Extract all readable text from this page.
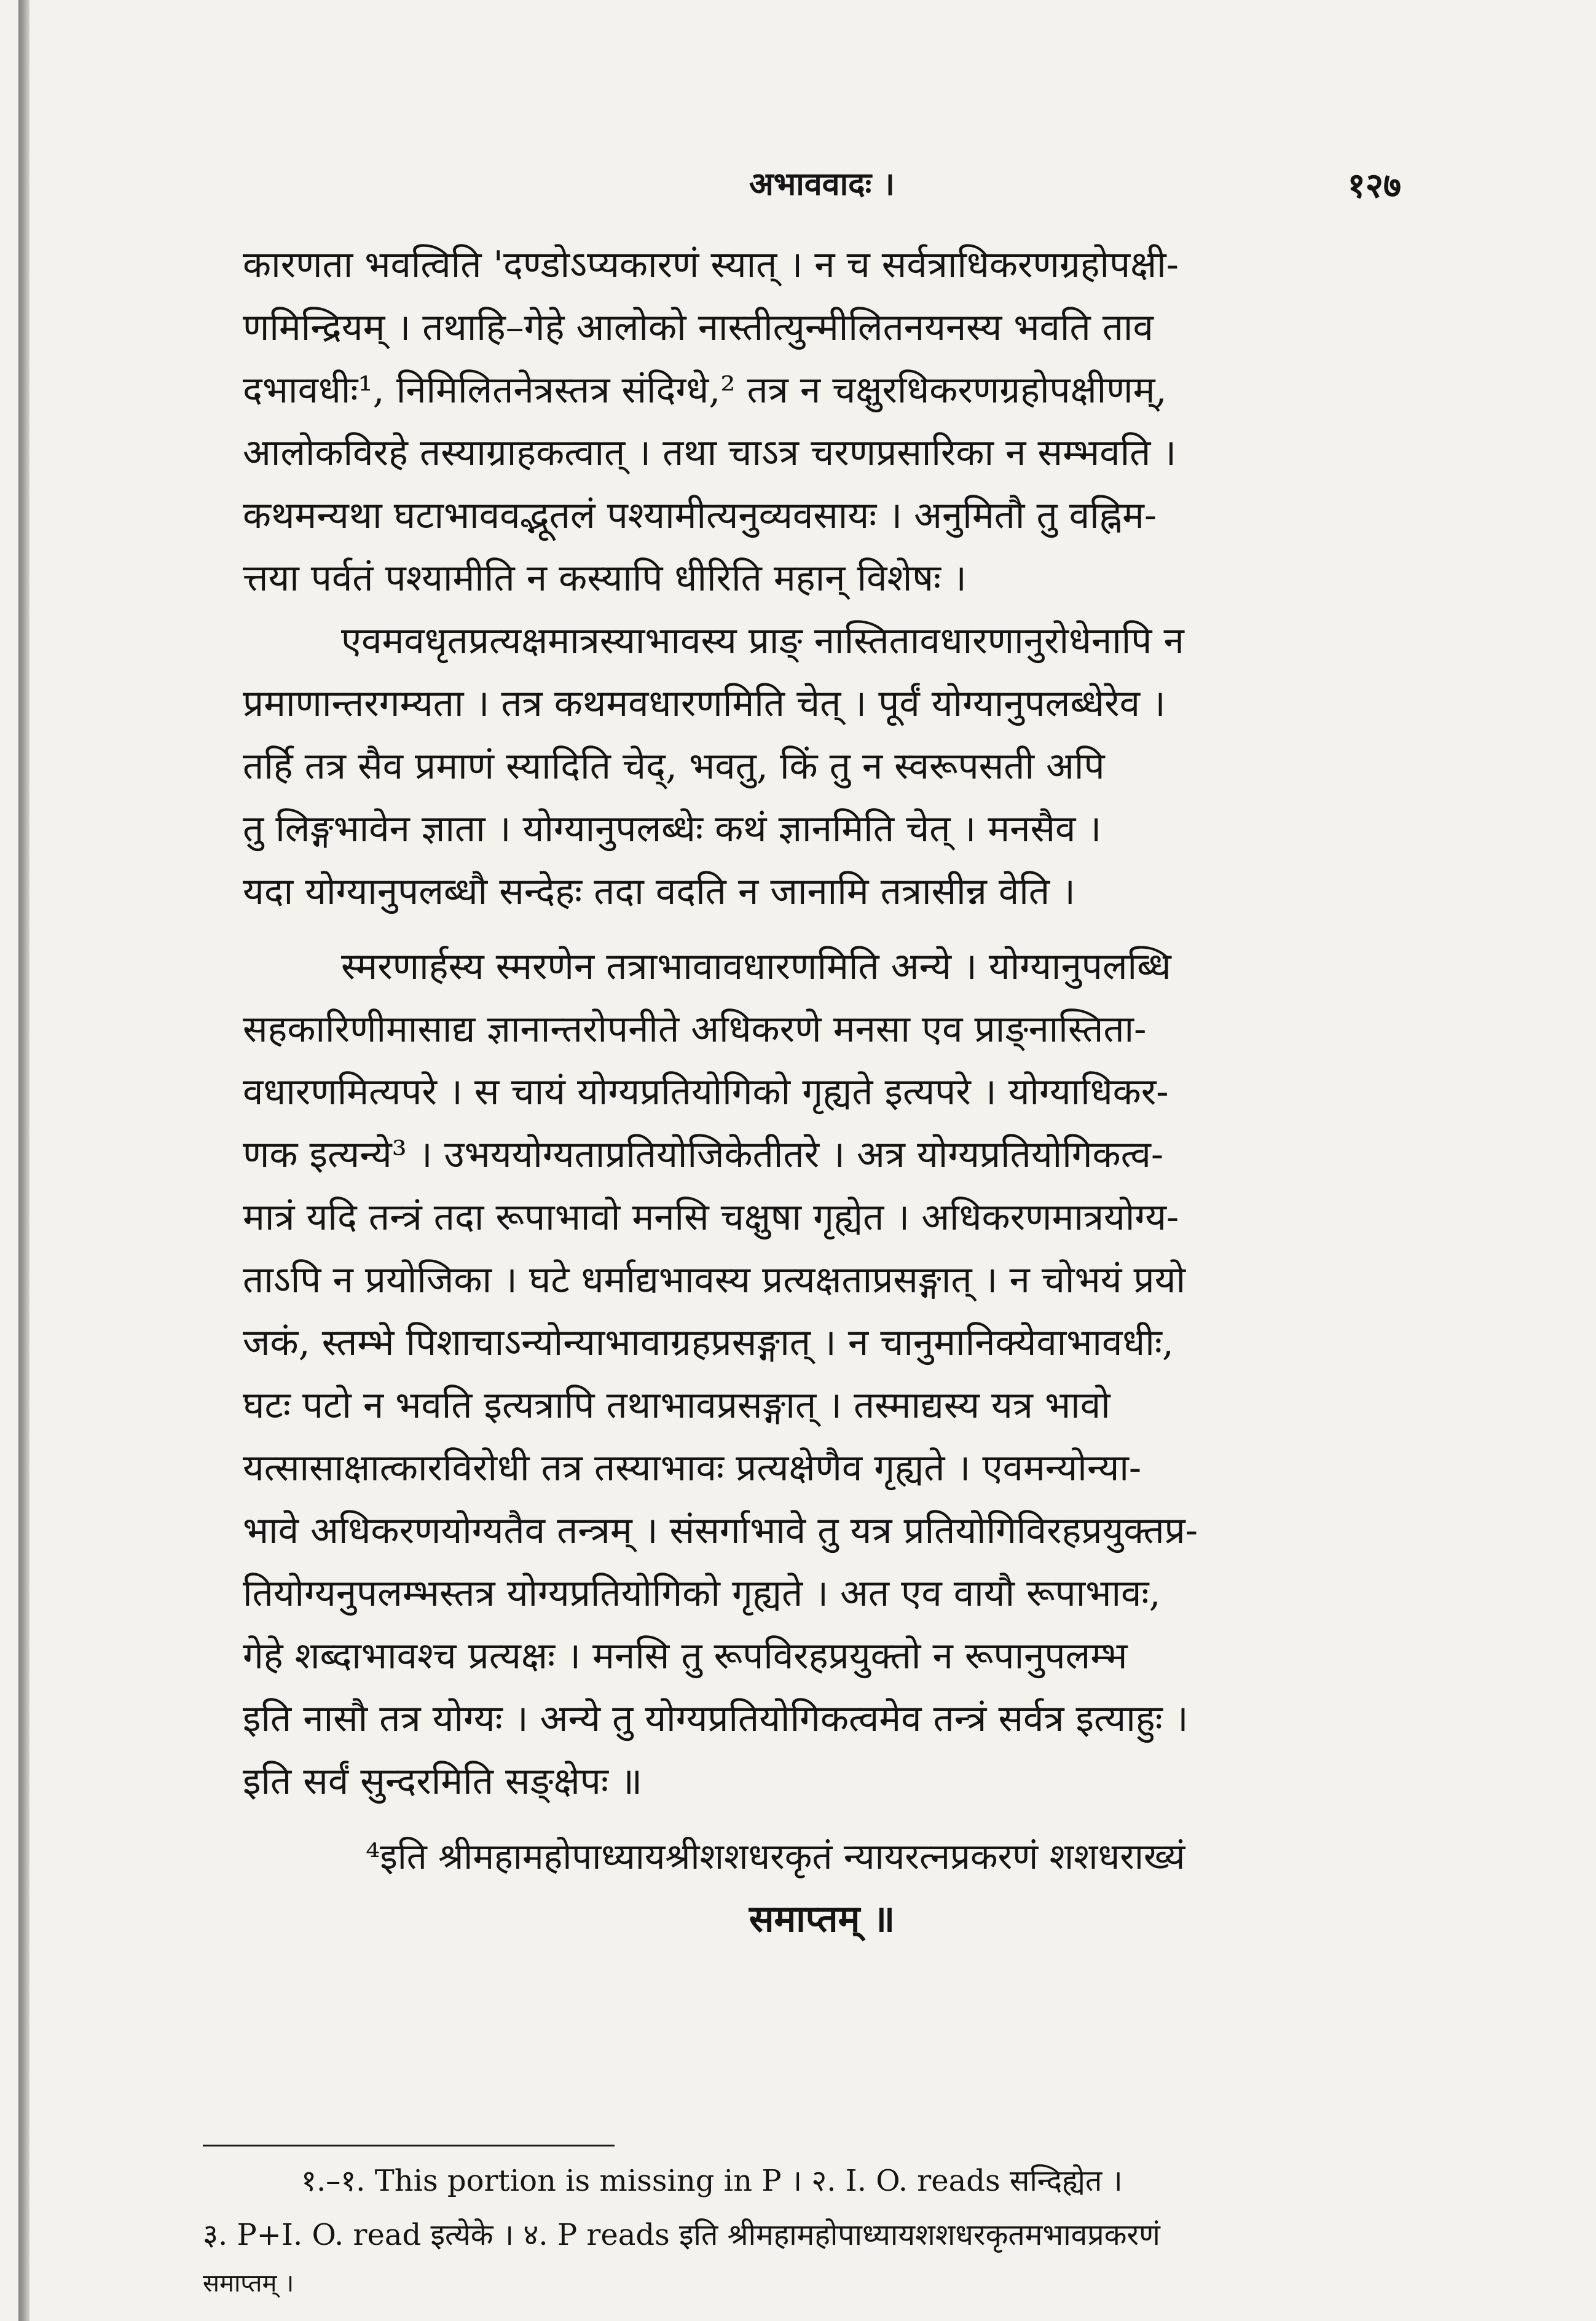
अभाववादः ।	१२७
कारणता भवत्विति 'दण्डोऽप्यकारणं स्यात् । न च सर्वत्राधिकरणग्रहोपक्षी-
णमिन्द्रियम् । तथाहि–गेहे आलोको नास्तीत्युन्मीलितनयनस्य भवति ताव
दभावधीः¹, निमिलितनेत्रस्तत्र संदिग्धे,² तत्र न चक्षुरधिकरणग्रहोपक्षीणम्,
आलोकविरहे तस्याग्राहकत्वात् । तथा चाऽत्र चरणप्रसारिका न सम्भवति ।
कथमन्यथा घटाभाववद्भूतलं पश्यामीत्यनुव्यवसायः । अनुमितौ तु वह्निम-
त्तया पर्वतं पश्यामीति न कस्यापि धीरिति महान् विशेषः ।
एवमवधृतप्रत्यक्षमात्रस्याभावस्य प्राङ् नास्तितावधारणानुरोधेनापि न
प्रमाणान्तरगम्यता । तत्र कथमवधारणमिति चेत् । पूर्वं योग्यानुपलब्धेरेव ।
तर्हि तत्र सैव प्रमाणं स्यादिति चेद्, भवतु, किं तु न स्वरूपसती अपि
तु लिङ्गभावेन ज्ञाता । योग्यानुपलब्धेः कथं ज्ञानमिति चेत् । मनसैव ।
यदा योग्यानुपलब्धौ सन्देहः तदा वदति न जानामि तत्रासीन्न वेति ।
स्मरणार्हस्य स्मरणेन तत्राभावावधारणमिति अन्ये । योग्यानुपलब्धि
सहकारिणीमासाद्य ज्ञानान्तरोपनीते अधिकरणे मनसा एव प्राङ्नास्तिता-
वधारणमित्यपरे । स चायं योग्यप्रतियोगिको गृह्यते इत्यपरे । योग्याधिकर-
णक इत्यन्ये³ । उभययोग्यताप्रतियोजिकेतीतरे । अत्र योग्यप्रतियोगिकत्व-
मात्रं यदि तन्त्रं तदा रूपाभावो मनसि चक्षुषा गृह्येत । अधिकरणमात्रयोग्य-
ताऽपि न प्रयोजिका । घटे धर्माद्यभावस्य प्रत्यक्षताप्रसङ्गात् । न चोभयं प्रयो
जकं, स्तम्भे पिशाचाऽन्योन्याभावाग्रहप्रसङ्गात् । न चानुमानिक्येवाभावधीः,
घटः पटो न भवति इत्यत्रापि तथाभावप्रसङ्गात् । तस्माद्यस्य यत्र भावो
यत्सासाक्षात्कारविरोधी तत्र तस्याभावः प्रत्यक्षेणैव गृह्यते । एवमन्योन्या-
भावे अधिकरणयोग्यतैव तन्त्रम् । संसर्गाभावे तु यत्र प्रतियोगिविरहप्रयुक्तप्र-
तियोग्यनुपलम्भस्तत्र योग्यप्रतियोगिको गृह्यते । अत एव वायौ रूपाभावः,
गेहे शब्दाभावश्च प्रत्यक्षः । मनसि तु रूपविरहप्रयुक्तो न रूपानुपलम्भ
इति नासौ तत्र योग्यः । अन्ये तु योग्यप्रतियोगिकत्वमेव तन्त्रं सर्वत्र इत्याहुः ।
इति सर्वं सुन्दरमिति सङ्क्षेपः ॥
⁴इति श्रीमहामहोपाध्यायश्रीशशधरकृतं न्यायरत्नप्रकरणं शशधराख्यं
समाप्तम् ॥
१.–१. This portion is missing in P । २. I. O. reads सन्दिह्येत ।
३. P+I. O. read इत्येके । ४. P reads इति श्रीमहामहोपाध्यायशशधरकृतमभावप्रकरणं
समाप्तम् ।
